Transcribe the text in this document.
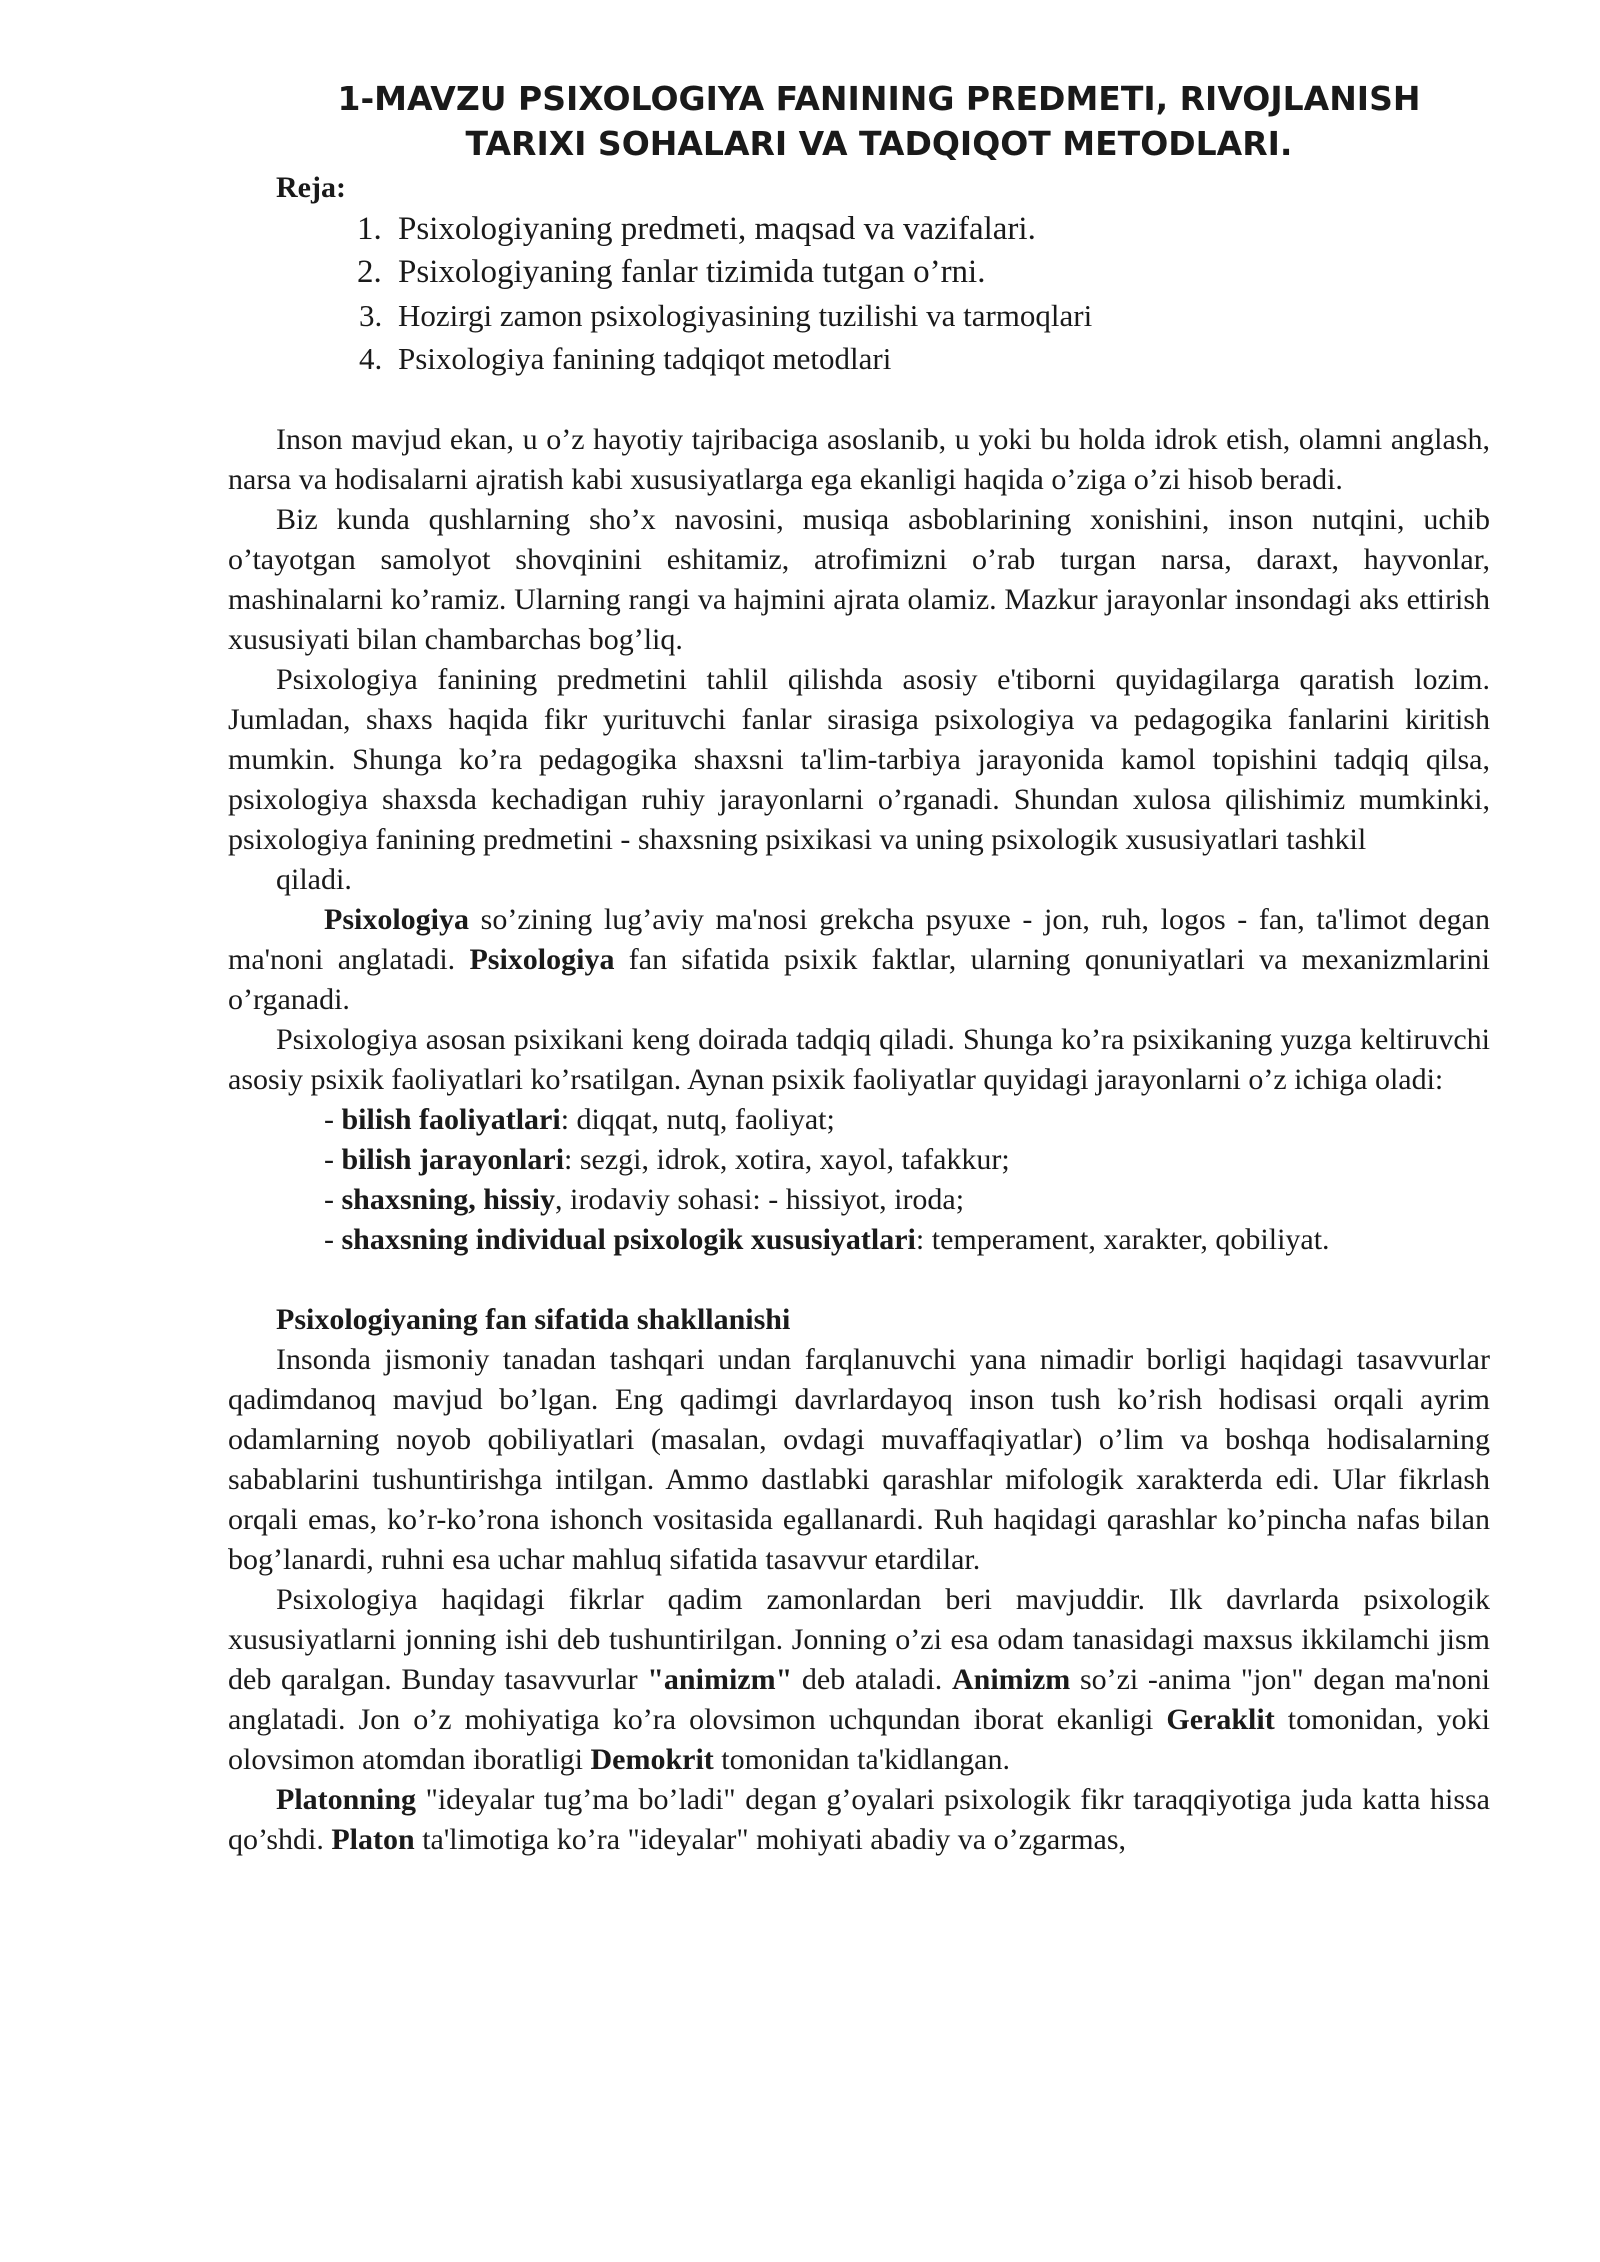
1-MAVZU PSIXOLOGIYA FANINING PREDMETI, RIVOJLANISH
TARIXI SOHALARI VA TADQIQOT METODLARI.

Reja:

1. Psixologiyaning predmeti, maqsad va vazifalari.
2. Psixologiyaning fanlar tizimida tutgan o’rni.
3. Hozirgi zamon psixologiyasining tuzilishi va tarmoqlari
4. Psixologiya fanining tadqiqot metodlari

Inson mavjud ekan, u o’z hayotiy tajribaciga asoslanib, u yoki bu holda idrok etish, olamni anglash, narsa va hodisalarni ajratish kabi xususiyatlarga ega ekanligi haqida o’ziga o’zi hisob beradi.

Biz kunda qushlarning sho’x navosini, musiqa asboblarining xonishini, inson nutqini, uchib o’tayotgan samolyot shovqinini eshitamiz, atrofimizni o’rab turgan narsa, daraxt, hayvonlar, mashinalarni ko’ramiz. Ularning rangi va hajmini ajrata olamiz. Mazkur jarayonlar insondagi aks ettirish xususiyati bilan chambarchas bog’liq.

Psixologiya fanining predmetini tahlil qilishda asosiy e'tiborni quyidagilarga qaratish lozim. Jumladan, shaxs haqida fikr yurituvchi fanlar sirasiga psixologiya va pedagogika fanlarini kiritish mumkin. Shunga ko’ra pedagogika shaxsni ta'lim-tarbiya jarayonida kamol topishini tadqiq qilsa, psixologiya shaxsda kechadigan ruhiy jarayonlarni o’rganadi. Shundan xulosa qilishimiz mumkinki, psixologiya fanining predmetini - shaxsning psixikasi va uning psixologik xususiyatlari tashkil

qiladi.

Psixologiya so’zining lug’aviy ma'nosi grekcha psyuxe - jon, ruh, logos - fan, ta'limot degan ma'noni anglatadi. Psixologiya fan sifatida psixik faktlar, ularning qonuniyatlari va mexanizmlarini o’rganadi.

Psixologiya asosan psixikani keng doirada tadqiq qiladi. Shunga ko’ra psixikaning yuzga keltiruvchi asosiy psixik faoliyatlari ko’rsatilgan. Aynan psixik faoliyatlar quyidagi jarayonlarni o’z ichiga oladi:

- bilish faoliyatlari: diqqat, nutq, faoliyat;

- bilish jarayonlari: sezgi, idrok, xotira, xayol, tafakkur;

- shaxsning, hissiy, irodaviy sohasi: - hissiyot, iroda;

- shaxsning individual psixologik xususiyatlari: temperament, xarakter, qobiliyat.

Psixologiyaning fan sifatida shakllanishi

Insonda jismoniy tanadan tashqari undan farqlanuvchi yana nimadir borligi haqidagi tasavvurlar qadimdanoq mavjud bo’lgan. Eng qadimgi davrlardayoq inson tush ko’rish hodisasi orqali ayrim odamlarning noyob qobiliyatlari (masalan, ovdagi muvaffaqiyatlar) o’lim va boshqa hodisalarning sabablarini tushuntirishga intilgan. Ammo dastlabki qarashlar mifologik xarakterda edi. Ular fikrlash orqali emas, ko’r-ko’rona ishonch vositasida egallanardi. Ruh haqidagi qarashlar ko’pincha nafas bilan bog’lanardi, ruhni esa uchar mahluq sifatida tasavvur etardilar.

Psixologiya haqidagi fikrlar qadim zamonlardan beri mavjuddir. Ilk davrlarda psixologik xususiyatlarni jonning ishi deb tushuntirilgan. Jonning o’zi esa odam tanasidagi maxsus ikkilamchi jism deb qaralgan. Bunday tasavvurlar "animizm" deb ataladi. Animizm so’zi -anima "jon" degan ma'noni anglatadi. Jon o’z mohiyatiga ko’ra olovsimon uchqundan iborat ekanligi Geraklit tomonidan, yoki olovsimon atomdan iboratligi Demokrit tomonidan ta'kidlangan.

Platonning "ideyalar tug’ma bo’ladi" degan g’oyalari psixologik fikr taraqqiyotiga juda katta hissa qo’shdi. Platon ta'limotiga ko’ra "ideyalar" mohiyati abadiy va o’zgarmas,
